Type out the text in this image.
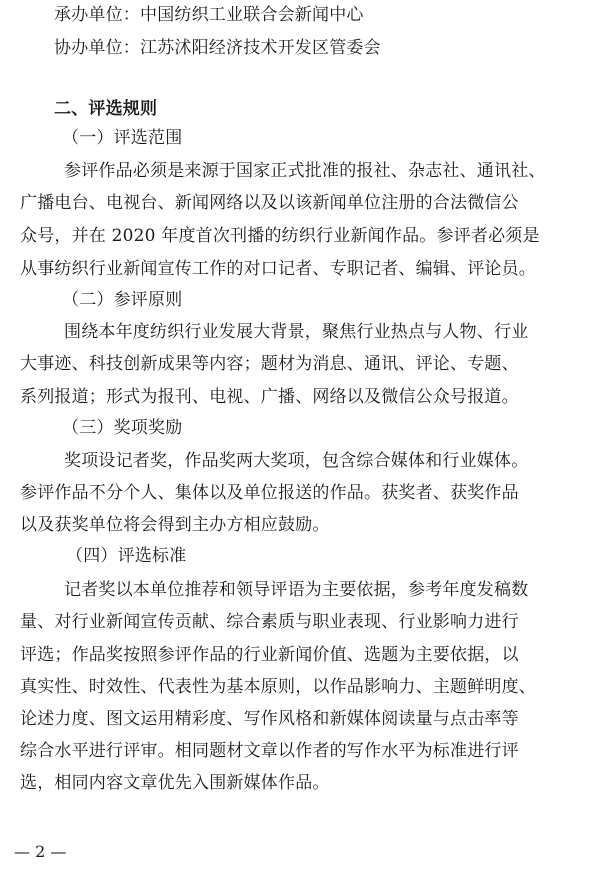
承办单位：中国纺织工业联合会新闻中心
协办单位：江苏沭阳经济技术开发区管委会
二、评选规则
（一）评选范围
参评作品必须是来源于国家正式批准的报社、杂志社、通讯社、
广播电台、电视台、新闻网络以及以该新闻单位注册的合法微信公
众号，并在 2020 年度首次刊播的纺织行业新闻作品。参评者必须是
从事纺织行业新闻宣传工作的对口记者、专职记者、编辑、评论员。
（二）参评原则
围绕本年度纺织行业发展大背景，聚焦行业热点与人物、行业
大事迹、科技创新成果等内容；题材为消息、通讯、评论、专题、
系列报道；形式为报刊、电视、广播、网络以及微信公众号报道。
（三）奖项奖励
奖项设记者奖，作品奖两大奖项，包含综合媒体和行业媒体。
参评作品不分个人、集体以及单位报送的作品。获奖者、获奖作品
以及获奖单位将会得到主办方相应鼓励。
（四）评选标准
记者奖以本单位推荐和领导评语为主要依据，参考年度发稿数
量、对行业新闻宣传贡献、综合素质与职业表现、行业影响力进行
评选；作品奖按照参评作品的行业新闻价值、选题为主要依据，以
真实性、时效性、代表性为基本原则，以作品影响力、主题鲜明度、
论述力度、图文运用精彩度、写作风格和新媒体阅读量与点击率等
综合水平进行评审。相同题材文章以作者的写作水平为标准进行评
选，相同内容文章优先入围新媒体作品。
— 2 —
